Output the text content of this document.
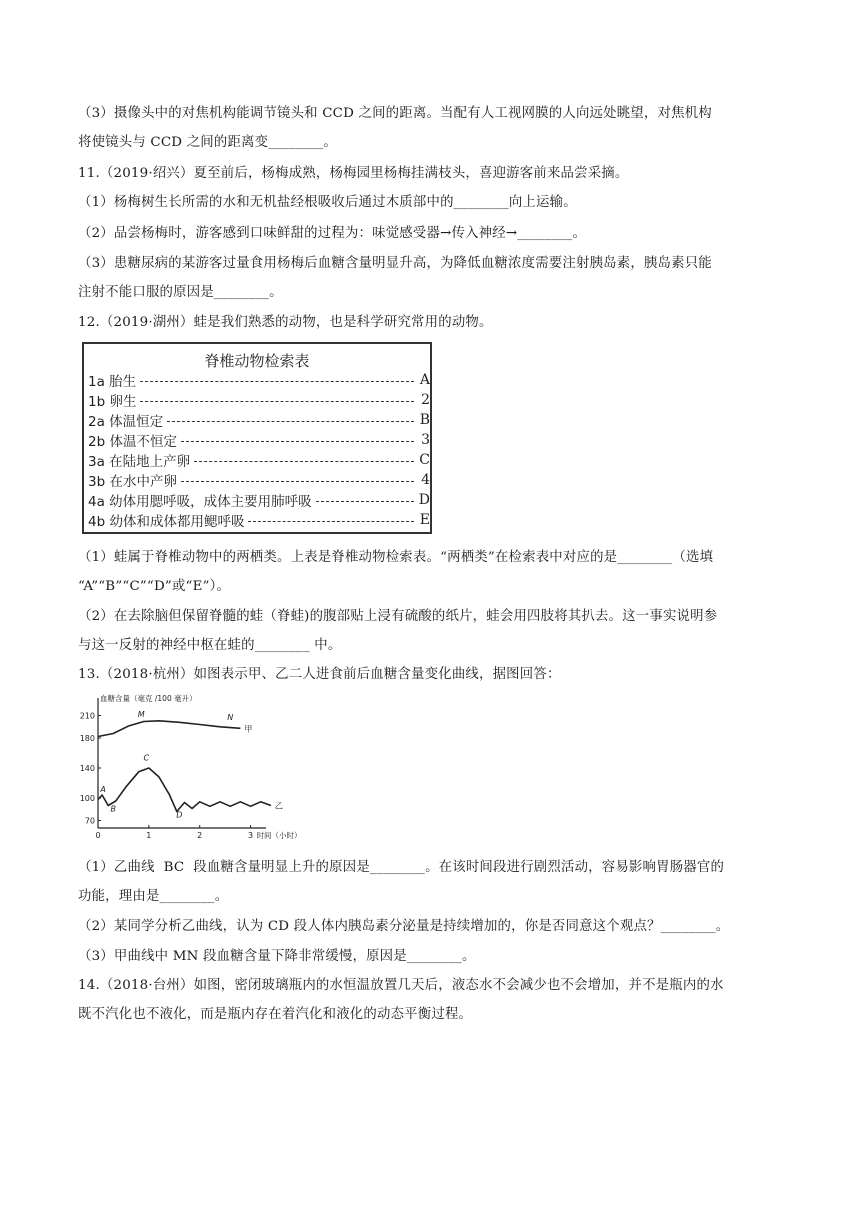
（3）摄像头中的对焦机构能调节镜头和 CCD 之间的距离。当配有人工视网膜的人向远处眺望，对焦机构
将使镜头与 CCD 之间的距离变________。
11.（2019·绍兴）夏至前后，杨梅成熟，杨梅园里杨梅挂满枝头，喜迎游客前来品尝采摘。
（1）杨梅树生长所需的水和无机盐经根吸收后通过木质部中的________向上运输。
（2）品尝杨梅时，游客感到口味鲜甜的过程为：味觉感受器→传入神经→________。
（3）患糖尿病的某游客过量食用杨梅后血糖含量明显升高，为降低血糖浓度需要注射胰岛素，胰岛素只能
注射不能口服的原因是________。
12.（2019·湖州）蛙是我们熟悉的动物，也是科学研究常用的动物。
脊椎动物检索表
1a 胎生	A
1b 卵生	2
2a 体温恒定	B
2b 体温不恒定	3
3a 在陆地上产卵	C
3b 在水中产卵	4
4a 幼体用腮呼吸，成体主要用肺呼吸	D
4b 幼体和成体都用鳃呼吸	E
（1）蛙属于脊椎动物中的两栖类。上表是脊椎动物检索表。“两栖类”在检索表中对应的是________（选填
“A”“B”“C”“D”或“E”）。
（2）在去除脑但保留脊髓的蛙（脊蛙)的腹部贴上浸有硫酸的纸片，蛙会用四肢将其扒去。这一事实说明参
与这一反射的神经中枢在蛙的________ 中。
13.（2018·杭州）如图表示甲、乙二人进食前后血糖含量变化曲线，据图回答：
210
180
140
100
70
0	1	2	3
血糖含量（毫克 /100 毫升）
时间（小时）
甲
乙
M	N
A
B
C
D
（1）乙曲线  BC  段血糖含量明显上升的原因是________。在该时间段进行剧烈活动，容易影响胃肠器官的
功能，理由是________。
（2）某同学分析乙曲线，认为 CD 段人体内胰岛素分泌量是持续增加的，你是否同意这个观点？________。
（3）甲曲线中 MN 段血糖含量下降非常缓慢，原因是________。
14.（2018·台州）如图，密闭玻璃瓶内的水恒温放置几天后，液态水不会减少也不会增加，并不是瓶内的水
既不汽化也不液化，而是瓶内存在着汽化和液化的动态平衡过程。
